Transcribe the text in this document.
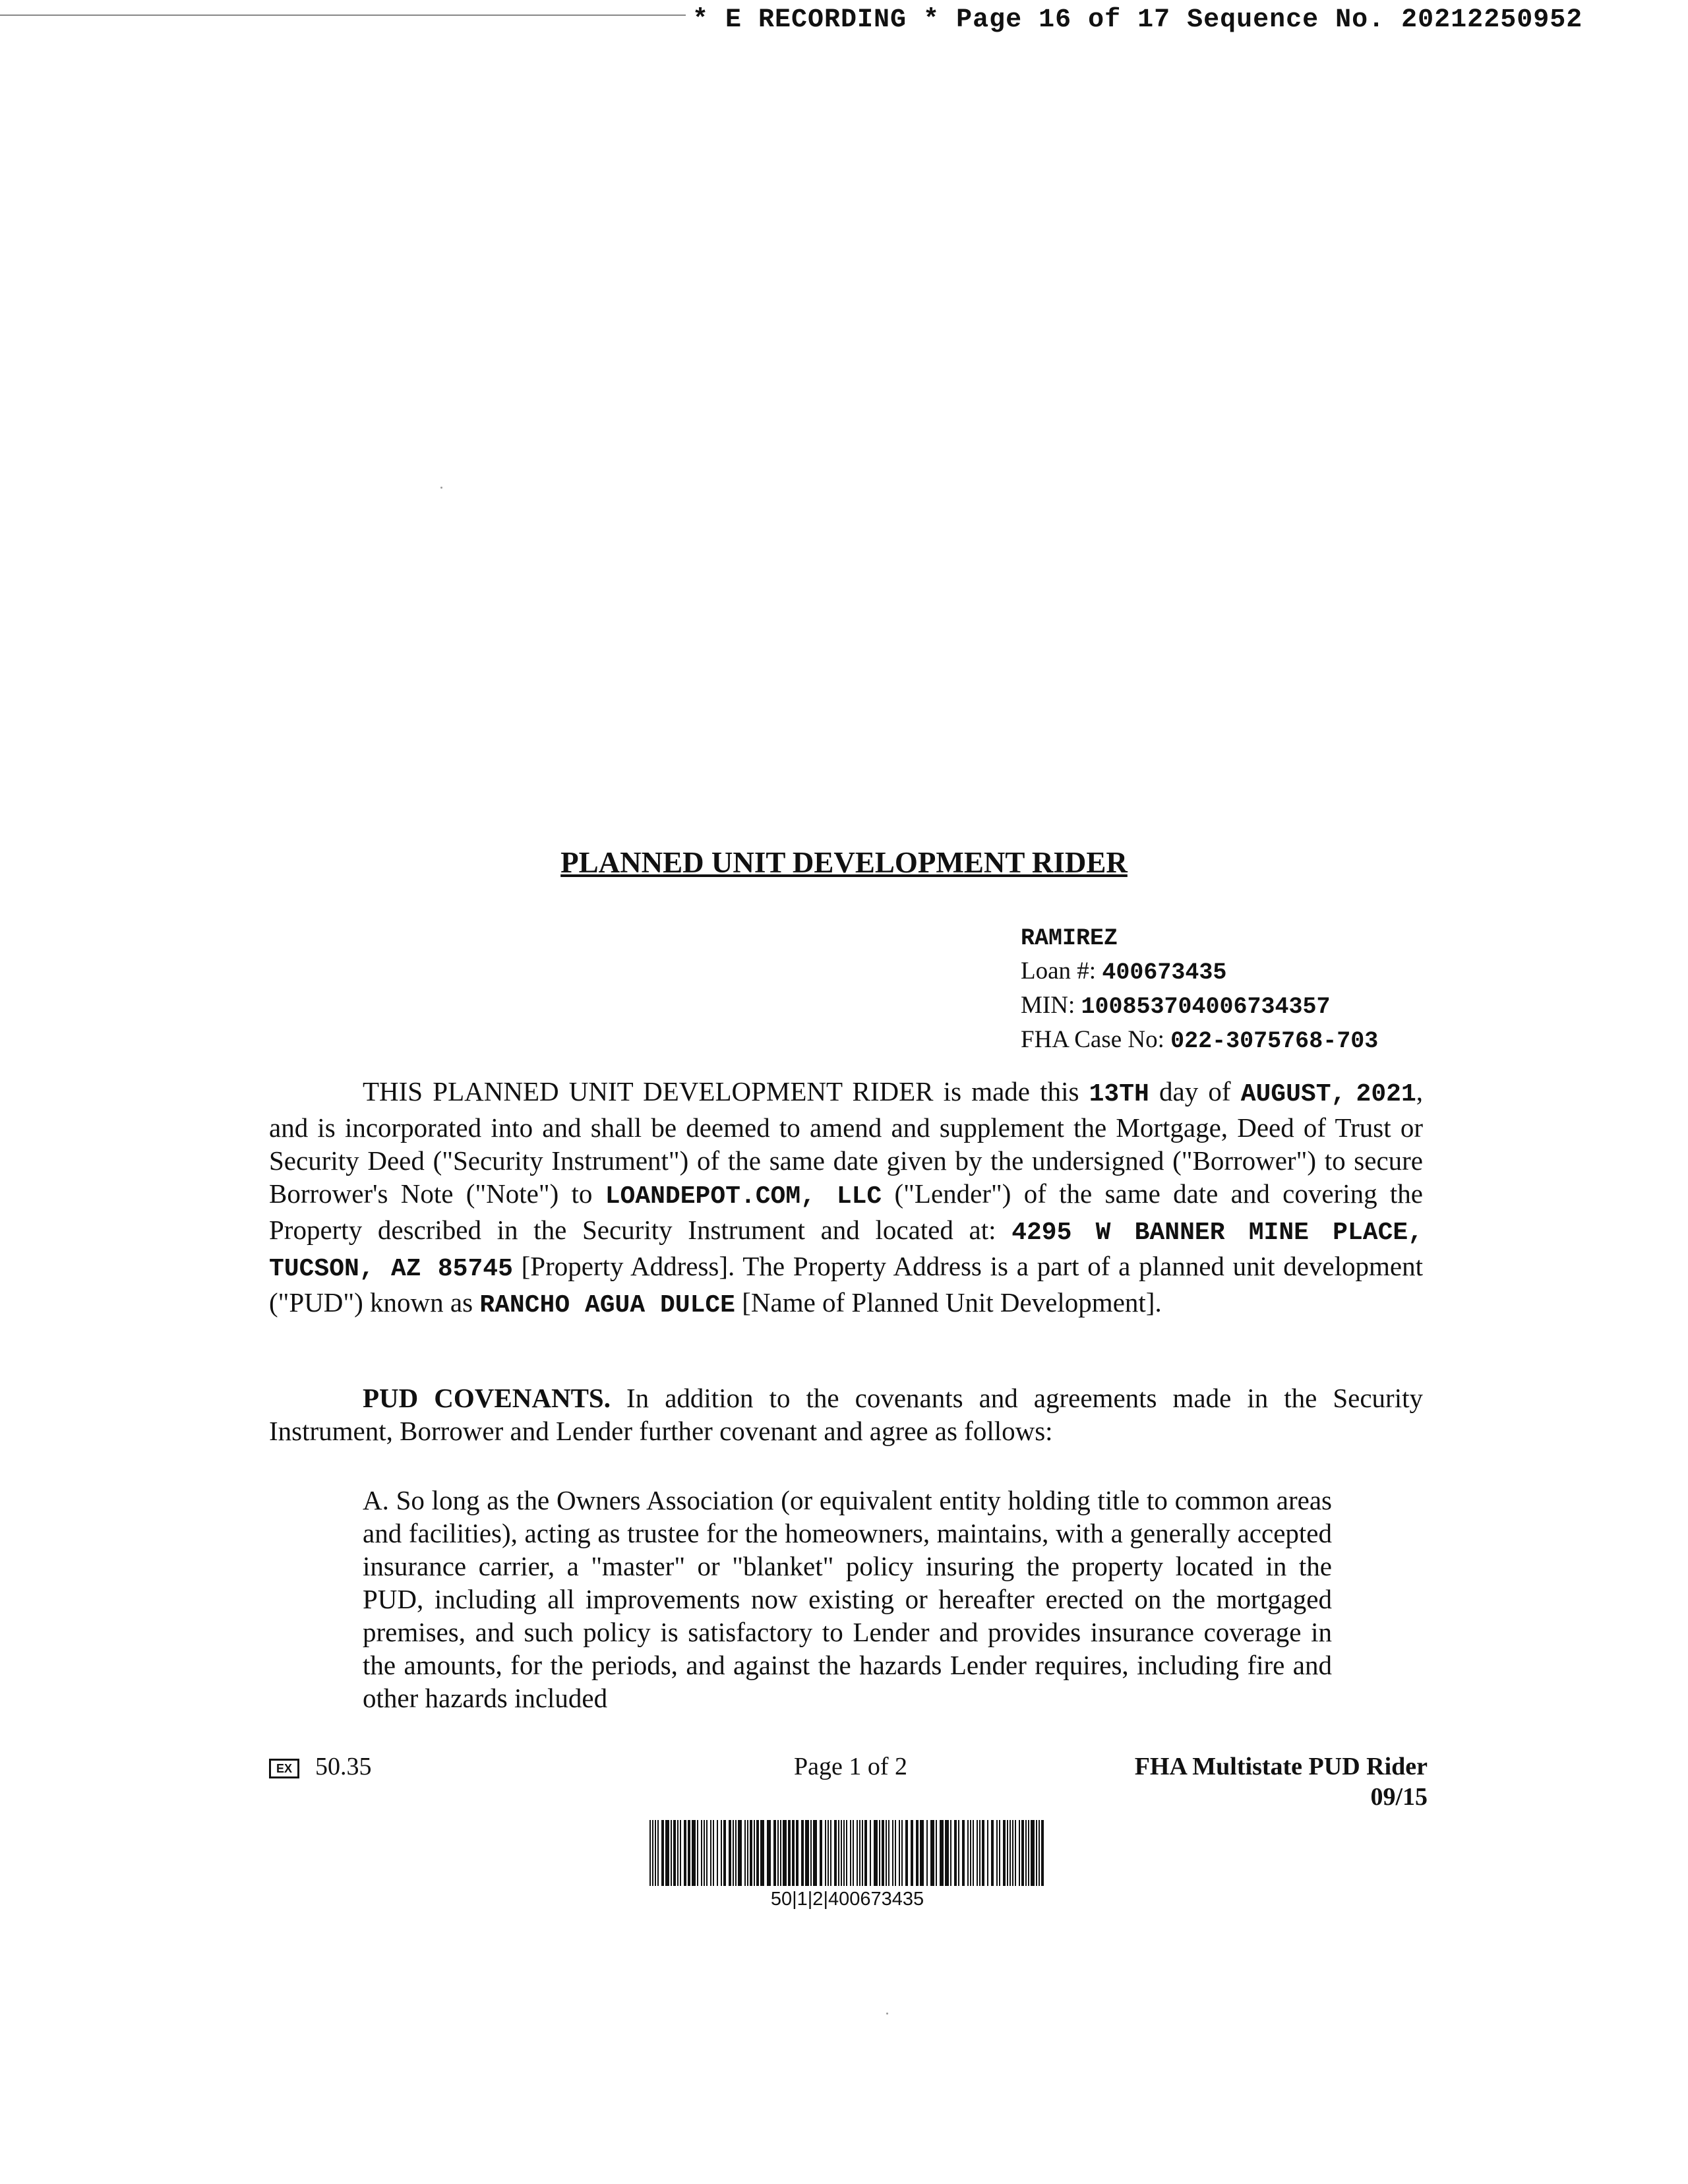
* E RECORDING * Page 16 of 17 Sequence No. 20212250952
PLANNED UNIT DEVELOPMENT RIDER
RAMIREZ
Loan #: 400673435
MIN: 100853704006734357
FHA Case No: 022-3075768-703
THIS PLANNED UNIT DEVELOPMENT RIDER is made this 13TH day of AUGUST, 2021, and is incorporated into and shall be deemed to amend and supplement the Mortgage, Deed of Trust or Security Deed ("Security Instrument") of the same date given by the undersigned ("Borrower") to secure Borrower's Note ("Note") to LOANDEPOT.COM, LLC ("Lender") of the same date and covering the Property described in the Security Instrument and located at: 4295 W BANNER MINE PLACE, TUCSON, AZ 85745 [Property Address]. The Property Address is a part of a planned unit development ("PUD") known as RANCHO AGUA DULCE [Name of Planned Unit Development].
PUD COVENANTS. In addition to the covenants and agreements made in the Security Instrument, Borrower and Lender further covenant and agree as follows:
A. So long as the Owners Association (or equivalent entity holding title to common areas and facilities), acting as trustee for the homeowners, maintains, with a generally accepted insurance carrier, a "master" or "blanket" policy insuring the property located in the PUD, including all improvements now existing or hereafter erected on the mortgaged premises, and such policy is satisfactory to Lender and provides insurance coverage in the amounts, for the periods, and against the hazards Lender requires, including fire and other hazards included
EX 50.35	Page 1 of 2	FHA Multistate PUD Rider
09/15
50|1|2|400673435
